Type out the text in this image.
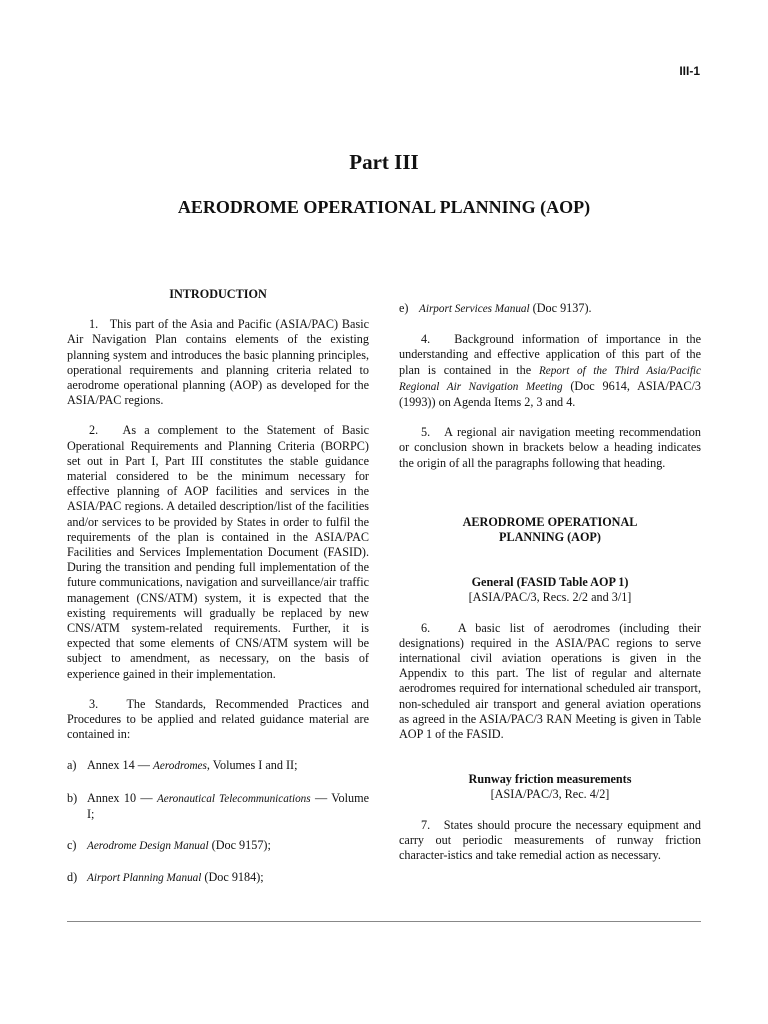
III-1
Part III
AERODROME OPERATIONAL PLANNING (AOP)

INTRODUCTION

1.   This part of the Asia and Pacific (ASIA/PAC) Basic Air Navigation Plan contains elements of the existing planning system and introduces the basic planning principles, operational requirements and planning criteria related to aerodrome operational planning (AOP) as developed for the ASIA/PAC regions.

2.   As a complement to the Statement of Basic Operational Requirements and Planning Criteria (BORPC) set out in Part I, Part III constitutes the stable guidance material considered to be the minimum necessary for effective planning of AOP facilities and services in the ASIA/PAC regions. A detailed description/list of the facilities and/or services to be provided by States in order to fulfil the requirements of the plan is contained in the ASIA/PAC Facilities and Services Implementation Document (FASID). During the transition and pending full implementation of the future communications, navigation and surveillance/air traffic management (CNS/ATM) system, it is expected that the existing requirements will gradually be replaced by new CNS/ATM system-related requirements. Further, it is expected that some elements of CNS/ATM system will be subject to amendment, as necessary, on the basis of experience gained in their implementation.

3.   The Standards, Recommended Practices and Procedures to be applied and related guidance material are contained in:

a) Annex 14 — Aerodromes, Volumes I and II;
b) Annex 10 — Aeronautical Telecommunications — Volume I;
c) Aerodrome Design Manual (Doc 9157);
d) Airport Planning Manual (Doc 9184);
e) Airport Services Manual (Doc 9137).

4.   Background information of importance in the understanding and effective application of this part of the plan is contained in the Report of the Third Asia/Pacific Regional Air Navigation Meeting (Doc 9614, ASIA/PAC/3 (1993)) on Agenda Items 2, 3 and 4.

5.   A regional air navigation meeting recommendation or conclusion shown in brackets below a heading indicates the origin of all the paragraphs following that heading.

AERODROME OPERATIONAL

PLANNING (AOP)

General (FASID Table AOP 1)

[ASIA/PAC/3, Recs. 2/2 and 3/1]

6.   A basic list of aerodromes (including their designations) required in the ASIA/PAC regions to serve international civil aviation operations is given in the Appendix to this part. The list of regular and alternate aerodromes required for international scheduled air transport, non-scheduled air transport and general aviation operations as agreed in the ASIA/PAC/3 RAN Meeting is given in Table AOP 1 of the FASID.

Runway friction measurements

[ASIA/PAC/3, Rec. 4/2]

7.   States should procure the necessary equipment and carry out periodic measurements of runway friction character-istics and take remedial action as necessary.
